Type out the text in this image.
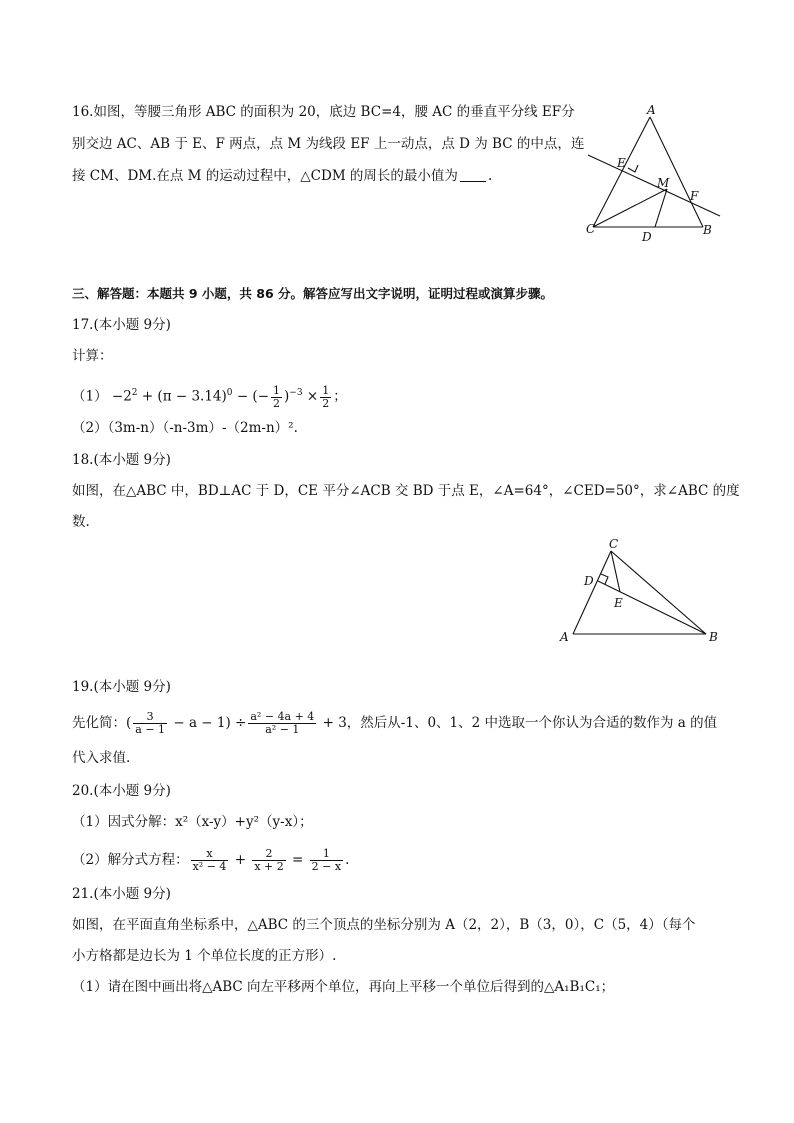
16.如图，等腰三角形 ABC 的面积为 20，底边 BC=4，腰 AC 的垂直平分线 EF分
别交边 AC、AB 于 E、F 两点，点 M 为线段 EF 上一动点，点 D 为 BC 的中点，连
接 CM、DM.在点 M 的运动过程中，△CDM 的周长的最小值为 .
A
E
M
F
C
D	B
三、解答题：本题共 9 小题，共 86 分。解答应写出文字说明，证明过程或演算步骤。
17.(本小题 9分)
计算：
$(1) -2^2 + (\pi - 3.14)^0$ − (− $\frac{1}{2} )^{-3} \times \frac{1}{2}$ ；
（2）（3m-n）（-n-3m）-（2m-n）².
18.(本小题 9分)
如图，在△ABC 中，BD⊥AC 于 D，CE 平分∠ACB 交 BD 于点 E，∠A=64°，∠CED=50°，求∠ABC 的度
数.
C
D
E
A	B
19.(本小题 9分)
先化简：( $\frac{3}{a - 1} - a - 1) \div \frac{\text{a² − 4a + 4}}{\text{a² − 1}} + 3$，然后从-1、0、1、2 中选取一个你认为合适的数作为 a 的值
代入求值.
20.(本小题 9分)
（1）因式分解：x²（x-y）+y²（y-x）；
（2）解分式方程： $\frac{x}{\text{x² − 4}} + \frac{2}{x + 2} = \frac{1}{2 - x}$ .
21.(本小题 9分)
如图，在平面直角坐标系中，△ABC 的三个顶点的坐标分别为 A（2，2），B（3，0），C（5，4）（每个
小方格都是边长为 1 个单位长度的正方形）.
（1）请在图中画出将△ABC 向左平移两个单位，再向上平移一个单位后得到的△A₁B₁C₁；
